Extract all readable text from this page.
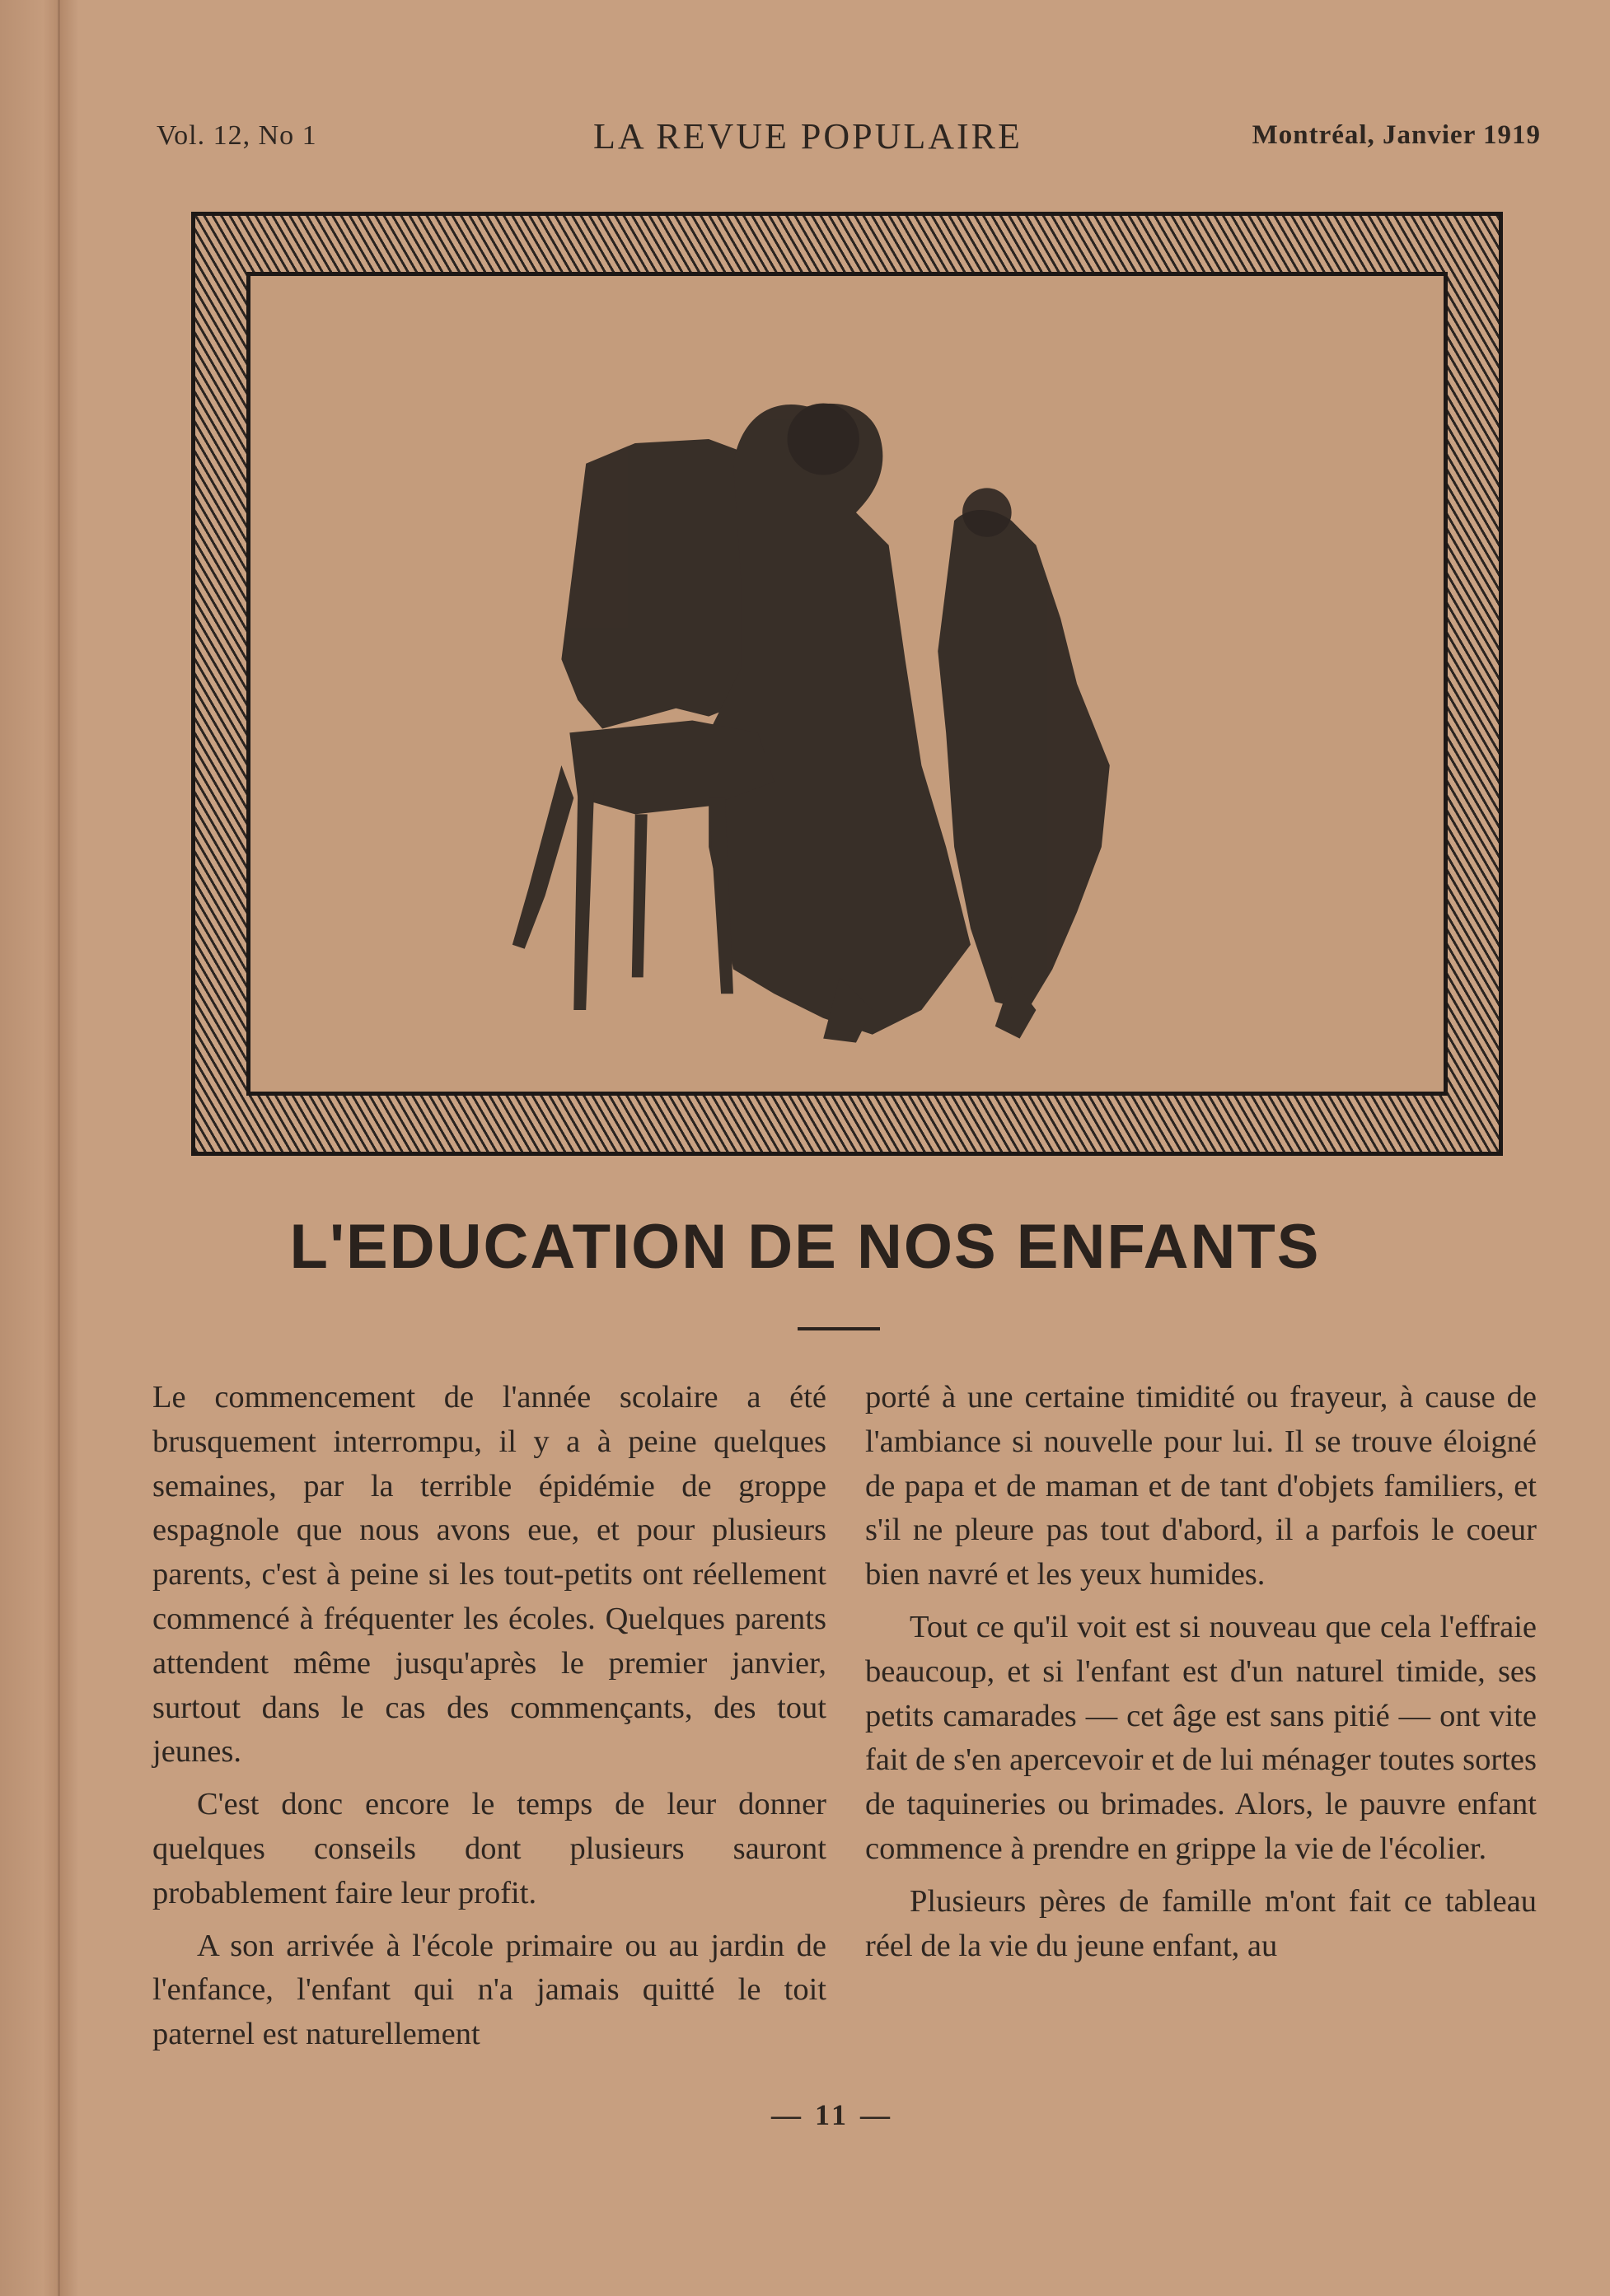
Vol. 12, No 1	LA REVUE POPULAIRE	Montréal, Janvier 1919
L'EDUCATION DE NOS ENFANTS

Le commencement de l'année scolaire a été brusquement interrompu, il y a à peine quelques semaines, par la terrible épidémie de groppe espagnole que nous avons eue, et pour plusieurs parents, c'est à peine si les tout-petits ont réellement commencé à fréquenter les écoles. Quelques parents attendent même jusqu'après le premier janvier, surtout dans le cas des commençants, des tout jeunes.

C'est donc encore le temps de leur donner quelques conseils dont plusieurs sauront probablement faire leur profit.

A son arrivée à l'école primaire ou au jardin de l'enfance, l'enfant qui n'a jamais quitté le toit paternel est naturellement

porté à une certaine timidité ou frayeur, à cause de l'ambiance si nouvelle pour lui. Il se trouve éloigné de papa et de maman et de tant d'objets familiers, et s'il ne pleure pas tout d'abord, il a parfois le coeur bien navré et les yeux humides.

Tout ce qu'il voit est si nouveau que cela l'effraie beaucoup, et si l'enfant est d'un naturel timide, ses petits camarades — cet âge est sans pitié — ont vite fait de s'en apercevoir et de lui ménager toutes sortes de taquineries ou brimades. Alors, le pauvre enfant commence à prendre en grippe la vie de l'écolier.

Plusieurs pères de famille m'ont fait ce tableau réel de la vie du jeune enfant, au

— 11 —
